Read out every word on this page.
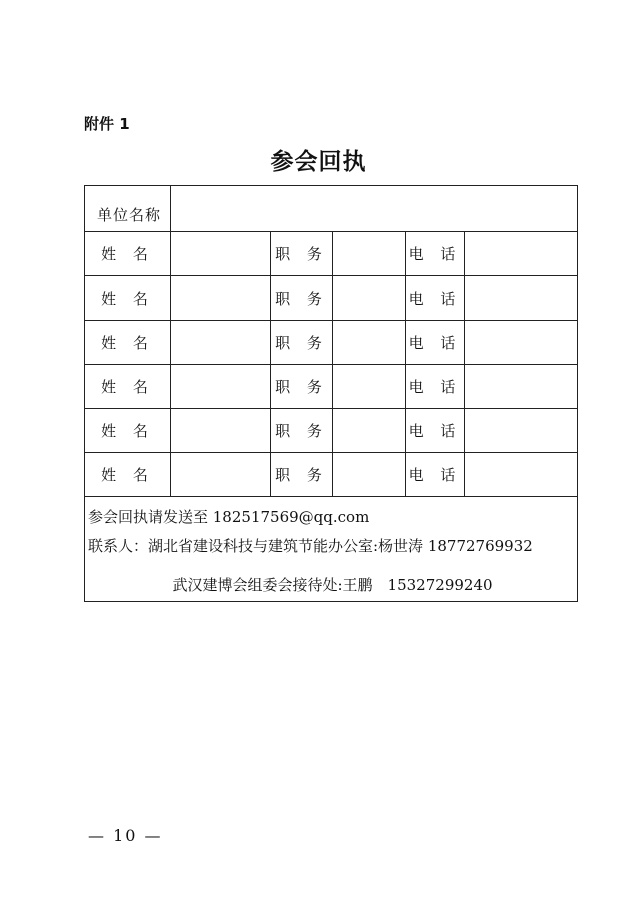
附件 1
参会回执
单位名称					
姓 名		职 务		电 话	
姓 名		职 务		电 话	
姓 名		职 务		电 话	
姓 名		职 务		电 话	
姓 名		职 务		电 话	
姓 名		职 务		电 话	

参会回执请发送至 182517569@qq.com
联系人：湖北省建设科技与建筑节能办公室:杨世涛 18772769932
武汉建博会组委会接待处:王鹏　15327299240					
— 10 —
